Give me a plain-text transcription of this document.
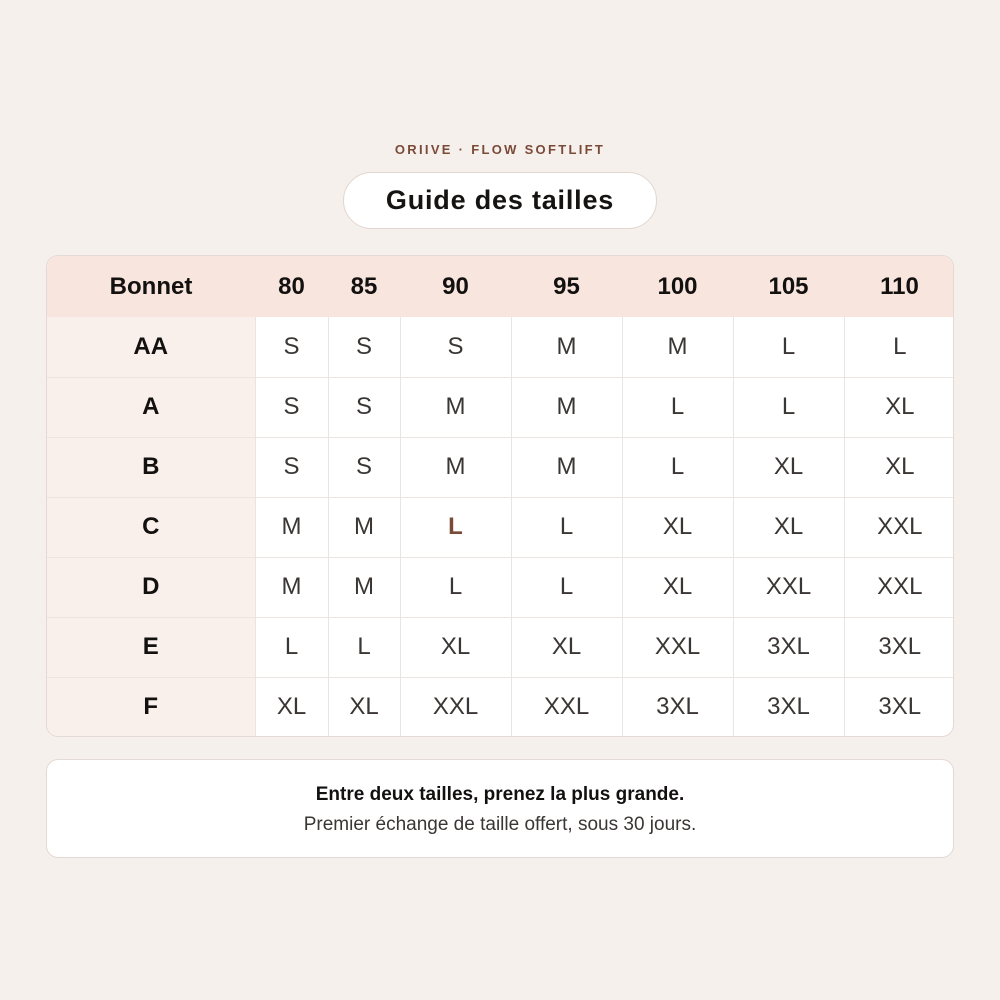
ORIIVE · FLOW SOFTLIFT
Guide des tailles
Bonnet	80	85	90	95	100	105	110
AA	S	S	S	M	M	L	L
A	S	S	M	M	L	L	XL
B	S	S	M	M	L	XL	XL
C	M	M	L	L	XL	XL	XXL
D	M	M	L	L	XL	XXL	XXL
E	L	L	XL	XL	XXL	3XL	3XL
F	XL	XL	XXL	XXL	3XL	3XL	3XL

Entre deux tailles, prenez la plus grande.

Premier échange de taille offert, sous 30 jours.
